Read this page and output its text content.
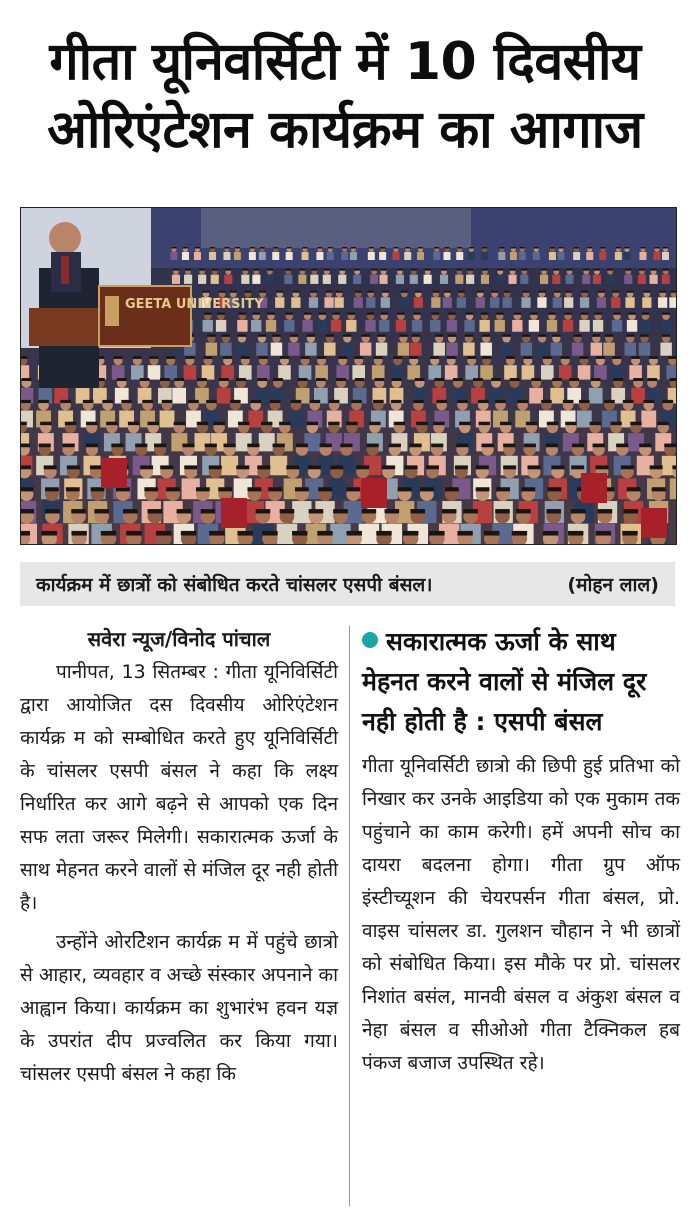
गीता यूनिवर्सिटी में 10 दिवसीय
ओरिएंटेशन कार्यक्रम का आगाज
GEETA UNIVERSITY
कार्यक्रम में छात्रों को संबोधित करते चांसलर एसपी बंसल।	(मोहन लाल)

सवेरा न्यूज/विनोद पांचाल

पानीपत, 13 सितम्बर : गीता यूनिविर्सिटी द्वारा आयोजित दस दिवसीय ओरिएंटेशन कार्यक्र म को सम्बोधित करते हुए यूनिविर्सिटी के चांसलर एसपी बंसल ने कहा कि लक्ष्य निर्धारित कर आगे बढ़ने से आपको एक दिन सफ लता जरूर मिलेगी। सकारात्मक ऊर्जा के साथ मेहनत करने वालों से मंजिल दूर नही होती है।

उन्होंने ओरटिेशन कार्यक्र म में पहुंचे छात्रो से आहार, व्यवहार व अच्छे संस्कार अपनाने का आह्वान किया। कार्यक्रम का शुभारंभ हवन यज्ञ के उपरांत दीप प्रज्वलित कर किया गया।चांसलर एसपी बंसल ने कहा कि

सकारात्मक ऊर्जा के साथ मेहनत करने वालों से मंजिल दूर नही होती है : एसपी बंसल

गीता यूनिवर्सिटी छात्रो की छिपी हुई प्रतिभा को निखार कर उनके आइडिया को एक मुकाम तक पहुंचाने का काम करेगी। हमें अपनी सोच का दायरा बदलना होगा। गीता ग्रुप ऑफ इंस्टीच्यूशन की चेयरपर्सन गीता बंसल, प्रो. वाइस चांसलर डा. गुलशन चौहान ने भी छात्रों को संबोधित किया। इस मौके पर प्रो. चांसलर निशांत बसंल, मानवी बंसल व अंकुश बंसल व नेहा बंसल व सीओओ गीता टैक्निकल हब पंकज बजाज उपस्थित रहे।
